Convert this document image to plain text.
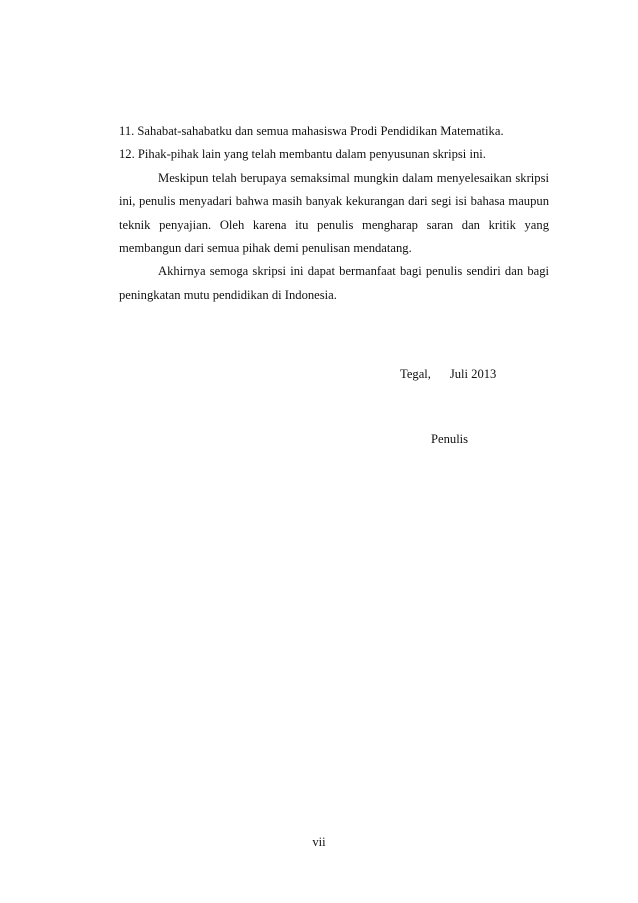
11. Sahabat-sahabatku dan semua mahasiswa Prodi Pendidikan Matematika.

12. Pihak-pihak lain yang telah membantu dalam penyusunan skripsi ini.

Meskipun telah berupaya semaksimal mungkin dalam menyelesaikan skripsi ini, penulis menyadari bahwa masih banyak kekurangan dari segi isi bahasa maupun teknik penyajian. Oleh karena itu penulis mengharap saran dan kritik yang membangun dari semua pihak demi penulisan mendatang.

Akhirnya semoga skripsi ini dapat bermanfaat bagi penulis sendiri dan bagi peningkatan mutu pendidikan di Indonesia.

Tegal,      Juli 2013
Penulis
vii
